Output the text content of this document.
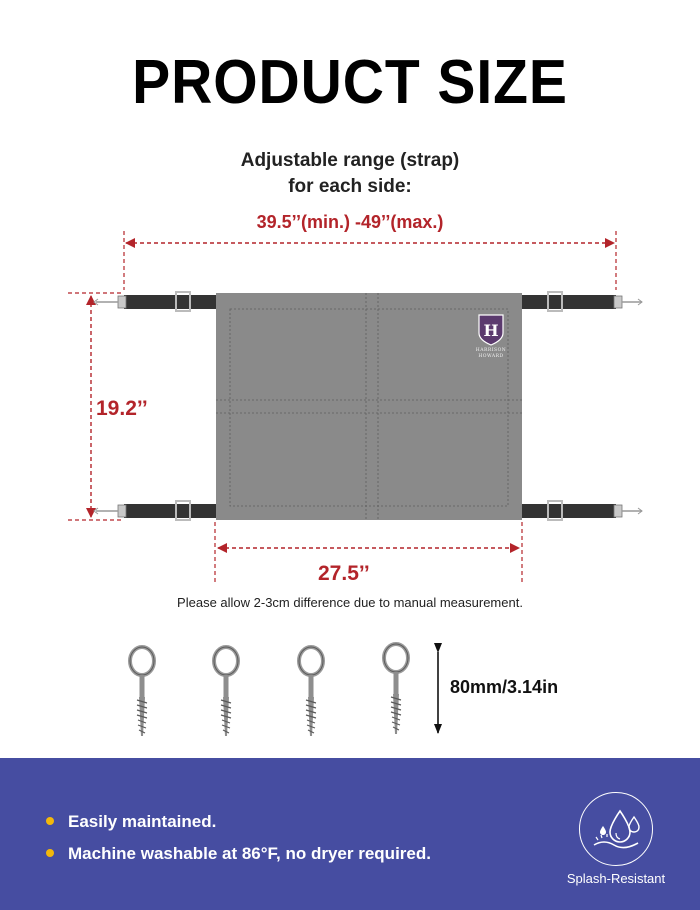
PRODUCT SIZE
Adjustable range (strap)
for each side:
39.5’’(min.) -49’’(max.)
H
HARRISON
HOWARD
19.2’’
27.5’’
Please allow 2-3cm difference due to manual measurement.
80mm/3.14in
Easily maintained.
Machine washable at 86°F, no dryer required.
Splash-Resistant
